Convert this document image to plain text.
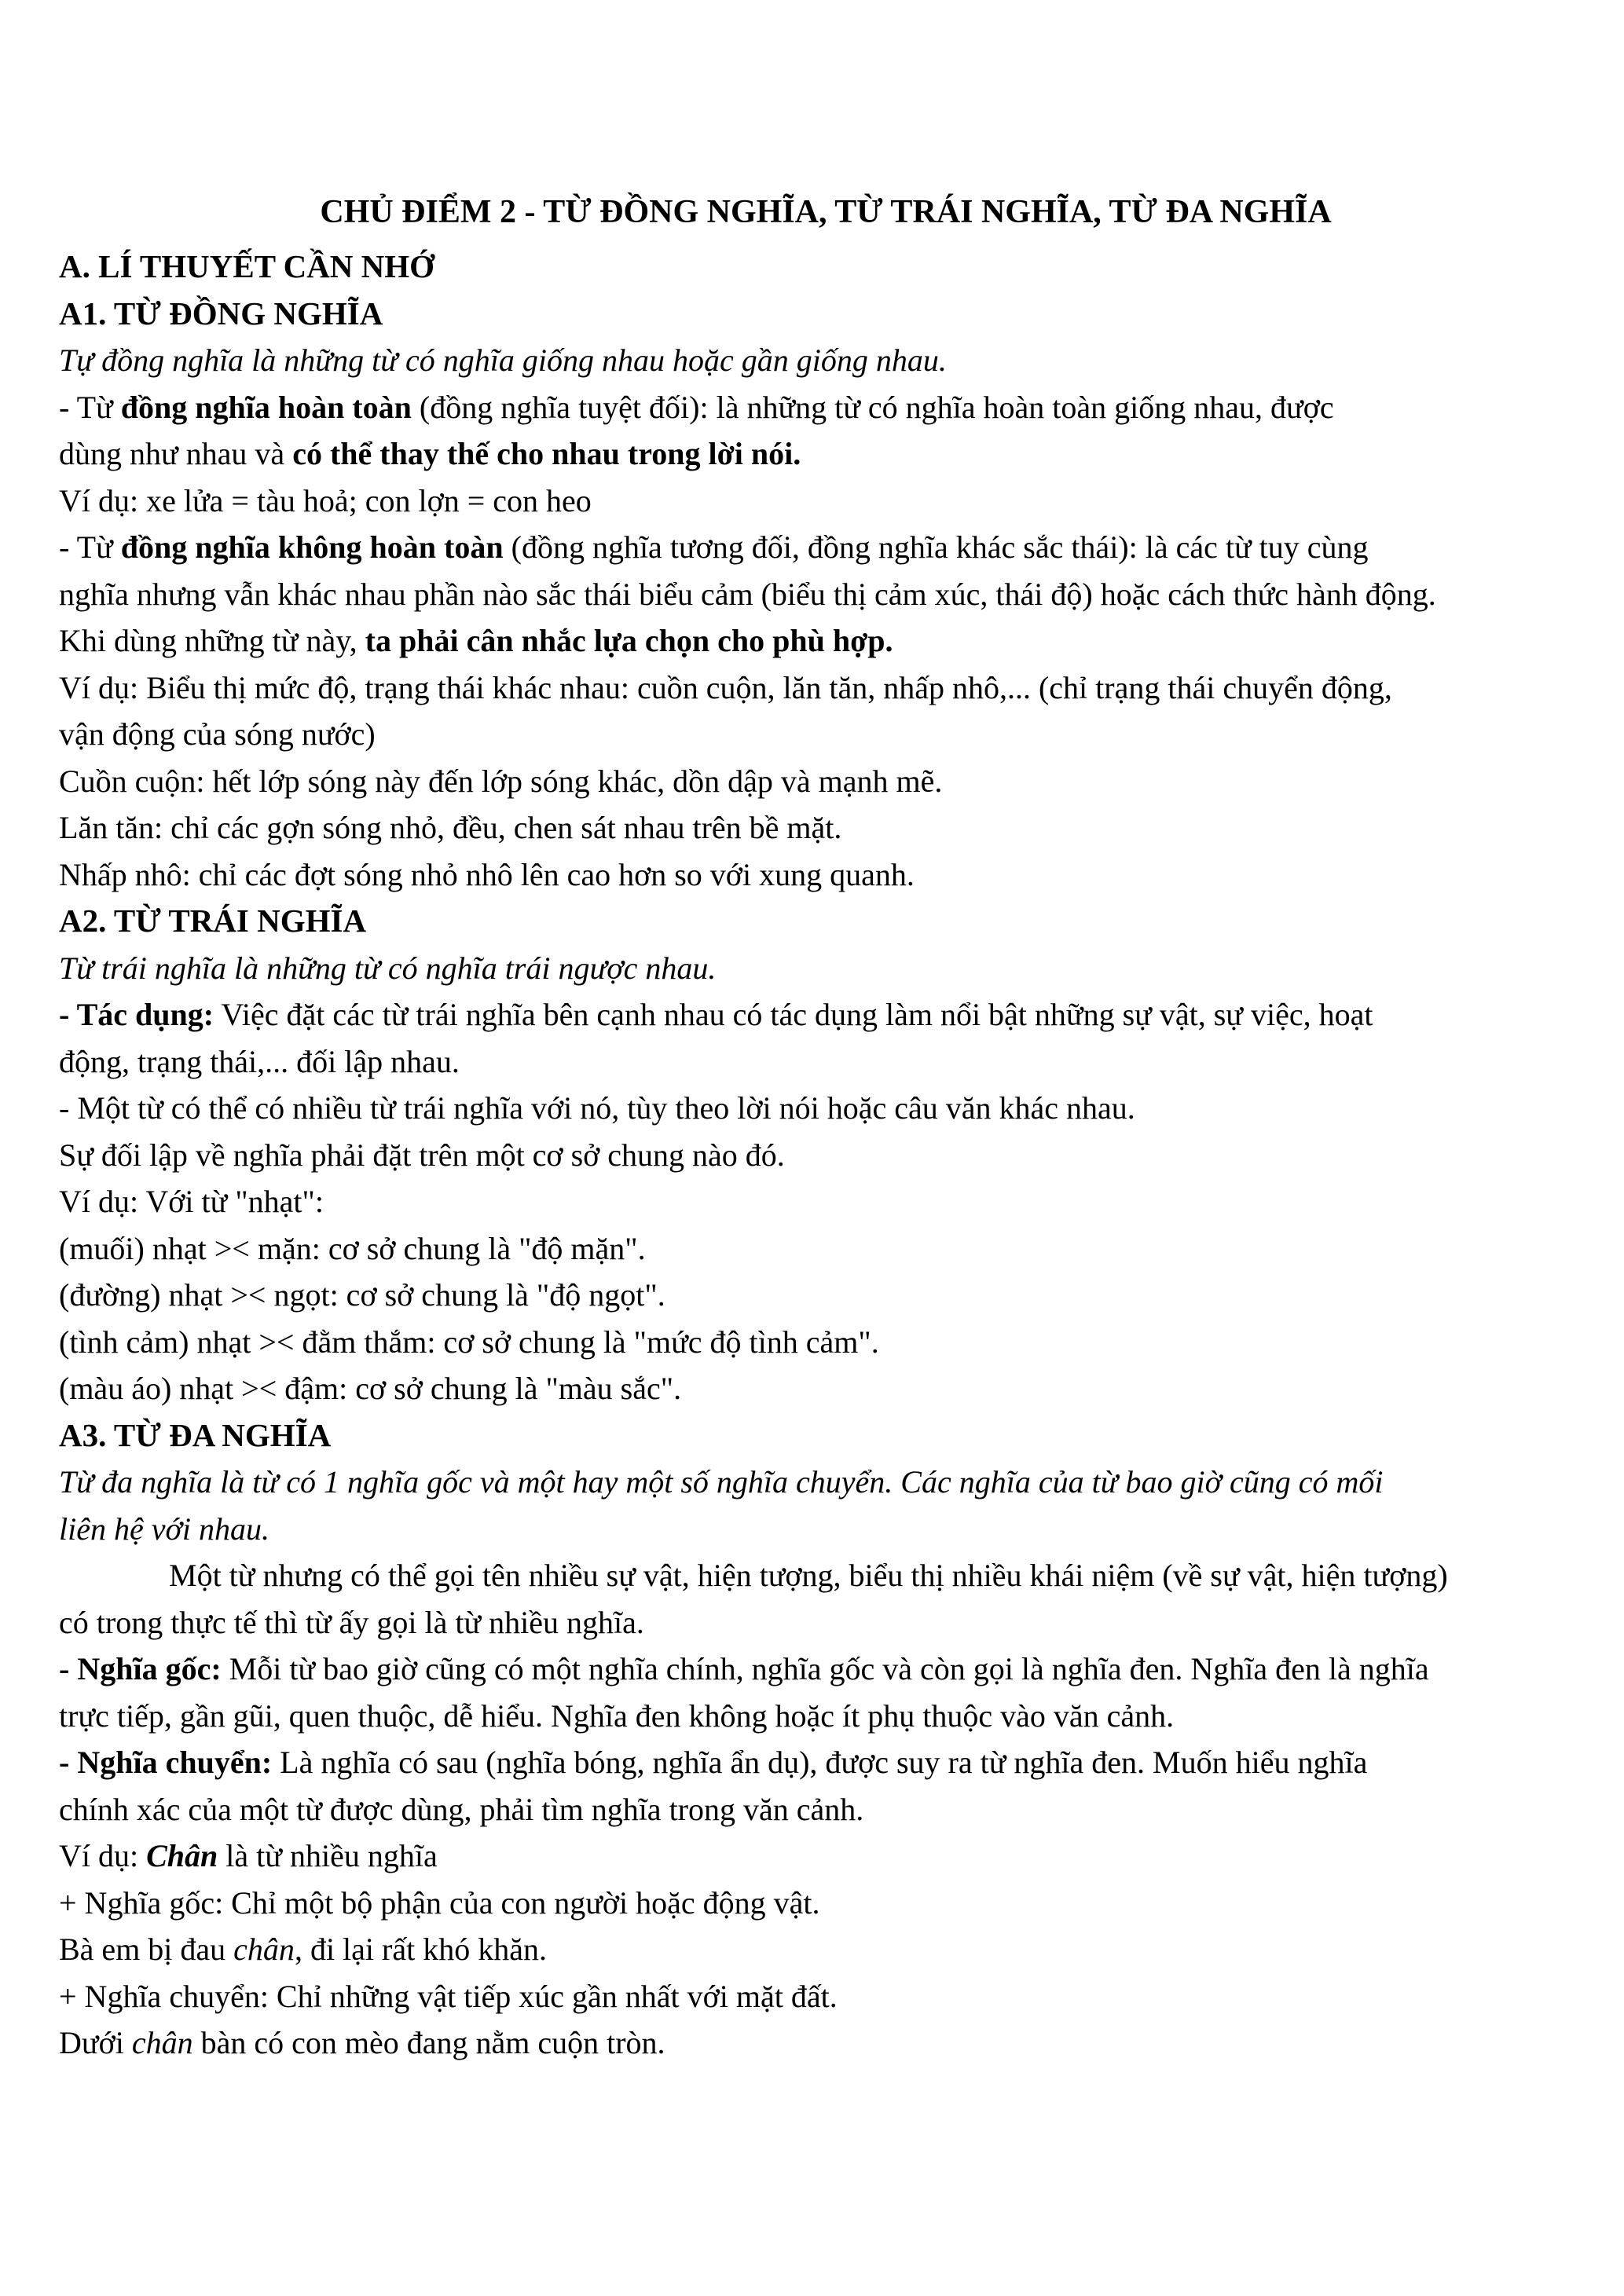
CHỦ ĐIỂM 2 - TỪ ĐỒNG NGHĨA, TỪ TRÁI NGHĨA, TỪ ĐA NGHĨA

A. LÍ THUYẾT CẦN NHỚ

A1. TỪ ĐỒNG NGHĨA

Tự đồng nghĩa là những từ có nghĩa giống nhau hoặc gần giống nhau.

- Từ đồng nghĩa hoàn toàn (đồng nghĩa tuyệt đối): là những từ có nghĩa hoàn toàn giống nhau, được

dùng như nhau và có thể thay thế cho nhau trong lời nói.

Ví dụ: xe lửa = tàu hoả; con lợn = con heo

- Từ đồng nghĩa không hoàn toàn (đồng nghĩa tương đối, đồng nghĩa khác sắc thái): là các từ tuy cùng

nghĩa nhưng vẫn khác nhau phần nào sắc thái biểu cảm (biểu thị cảm xúc, thái độ) hoặc cách thức hành động.

Khi dùng những từ này, ta phải cân nhắc lựa chọn cho phù hợp.

Ví dụ: Biểu thị mức độ, trạng thái khác nhau: cuồn cuộn, lăn tăn, nhấp nhô,... (chỉ trạng thái chuyển động,

vận động của sóng nước)

Cuồn cuộn: hết lớp sóng này đến lớp sóng khác, dồn dập và mạnh mẽ.

Lăn tăn: chỉ các gợn sóng nhỏ, đều, chen sát nhau trên bề mặt.

Nhấp nhô: chỉ các đợt sóng nhỏ nhô lên cao hơn so với xung quanh.

A2. TỪ TRÁI NGHĨA

Từ trái nghĩa là những từ có nghĩa trái ngược nhau.

- Tác dụng: Việc đặt các từ trái nghĩa bên cạnh nhau có tác dụng làm nổi bật những sự vật, sự việc, hoạt

động, trạng thái,... đối lập nhau.

- Một từ có thể có nhiều từ trái nghĩa với nó, tùy theo lời nói hoặc câu văn khác nhau.

Sự đối lập về nghĩa phải đặt trên một cơ sở chung nào đó.

Ví dụ: Với từ "nhạt":

(muối) nhạt >< mặn: cơ sở chung là "độ mặn".

(đường) nhạt >< ngọt: cơ sở chung là "độ ngọt".

(tình cảm) nhạt >< đằm thắm: cơ sở chung là "mức độ tình cảm".

(màu áo) nhạt >< đậm: cơ sở chung là "màu sắc".

A3. TỪ ĐA NGHĨA

Từ đa nghĩa là từ có 1 nghĩa gốc và một hay một số nghĩa chuyển. Các nghĩa của từ bao giờ cũng có mối

liên hệ với nhau.

Một từ nhưng có thể gọi tên nhiều sự vật, hiện tượng, biểu thị nhiều khái niệm (về sự vật, hiện tượng)

có trong thực tế thì từ ấy gọi là từ nhiều nghĩa.

- Nghĩa gốc: Mỗi từ bao giờ cũng có một nghĩa chính, nghĩa gốc và còn gọi là nghĩa đen. Nghĩa đen là nghĩa

trực tiếp, gần gũi, quen thuộc, dễ hiểu. Nghĩa đen không hoặc ít phụ thuộc vào văn cảnh.

- Nghĩa chuyển: Là nghĩa có sau (nghĩa bóng, nghĩa ẩn dụ), được suy ra từ nghĩa đen. Muốn hiểu nghĩa

chính xác của một từ được dùng, phải tìm nghĩa trong văn cảnh.

Ví dụ: Chân là từ nhiều nghĩa

+ Nghĩa gốc: Chỉ một bộ phận của con người hoặc động vật.

Bà em bị đau chân, đi lại rất khó khăn.

+ Nghĩa chuyển: Chỉ những vật tiếp xúc gần nhất với mặt đất.

Dưới chân bàn có con mèo đang nằm cuộn tròn.
